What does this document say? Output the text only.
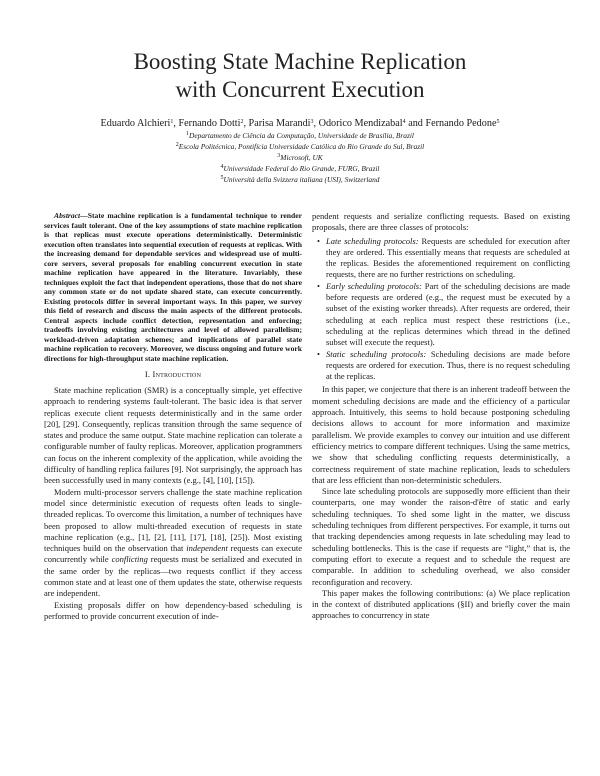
Boosting State Machine Replication
with Concurrent Execution
Eduardo Alchieri$^1$, Fernando Dotti$^2$, Parisa Marandi$^3$, Odorico Mendizabal$^4$ and Fernando Pedone$^5$
$^1$Departamento de Ciência da Computação, Universidade de Brasília, Brazil
$^2$Escola Politécnica, Pontifícia Universidade Católica do Rio Grande do Sul, Brazil
$^3$Microsoft, UK
$^4$Universidade Federal do Rio Grande, FURG, Brazil
$^5$Università della Svizzera italiana (USI), Switzerland

Abstract—State machine replication is a fundamental technique to render services fault tolerant. One of the key assumptions of state machine replication is that replicas must execute operations deterministically. Deterministic execution often translates into sequential execution of requests at replicas. With the increasing demand for dependable services and widespread use of multi-core servers, several proposals for enabling concurrent execution in state machine replication have appeared in the literature. Invariably, these techniques exploit the fact that independent operations, those that do not share any common state or do not update shared state, can execute concurrently. Existing protocols differ in several important ways. In this paper, we survey this field of research and discuss the main aspects of the different protocols. Central aspects include conflict detection, representation and enforcing; tradeoffs involving existing architectures and level of allowed parallelism; workload-driven adaptation schemes; and implications of parallel state machine replication to recovery. Moreover, we discuss ongoing and future work directions for high-throughput state machine replication.

I. Introduction

State machine replication (SMR) is a conceptually simple, yet effective approach to rendering systems fault-tolerant. The basic idea is that server replicas execute client requests deterministically and in the same order [20], [29]. Consequently, replicas transition through the same sequence of states and produce the same output. State machine replication can tolerate a configurable number of faulty replicas. Moreover, application programmers can focus on the inherent complexity of the application, while avoiding the difficulty of handling replica failures [9]. Not surprisingly, the approach has been successfully used in many contexts (e.g., [4], [10], [15]).

Modern multi-processor servers challenge the state machine replication model since deterministic execution of requests often leads to single-threaded replicas. To overcome this limitation, a number of techniques have been proposed to allow multi-threaded execution of requests in state machine replication (e.g., [1], [2], [11], [17], [18], [25]). Most existing techniques build on the observation that independent requests can execute concurrently while conflicting requests must be serialized and executed in the same order by the replicas—two requests conflict if they access common state and at least one of them updates the state, otherwise requests are independent.

Existing proposals differ on how dependency-based scheduling is performed to provide concurrent execution of inde-

pendent requests and serialize conflicting requests. Based on existing proposals, there are three classes of protocols:

• Late scheduling protocols: Requests are scheduled for execution after they are ordered. This essentially means that requests are scheduled at the replicas. Besides the aforementioned requirement on conflicting requests, there are no further restrictions on scheduling.
• Early scheduling protocols: Part of the scheduling decisions are made before requests are ordered (e.g., the request must be executed by a subset of the existing worker threads). After requests are ordered, their scheduling at each replica must respect these restrictions (i.e., scheduling at the replicas determines which thread in the defined subset will execute the request).
• Static scheduling protocols: Scheduling decisions are made before requests are ordered for execution. Thus, there is no request scheduling at the replicas.

In this paper, we conjecture that there is an inherent tradeoff between the moment scheduling decisions are made and the efficiency of a particular approach. Intuitively, this seems to hold because postponing scheduling decisions allows to account for more information and maximize parallelism. We provide examples to convey our intuition and use different efficiency metrics to compare different techniques. Using the same metrics, we show that scheduling conflicting requests deterministically, a correctness requirement of state machine replication, leads to schedulers that are less efficient than non-deterministic schedulers.

Since late scheduling protocols are supposedly more efficient than their counterparts, one may wonder the raison-d'être of static and early scheduling techniques. To shed some light in the matter, we discuss scheduling techniques from different perspectives. For example, it turns out that tracking dependencies among requests in late scheduling may lead to scheduling bottlenecks. This is the case if requests are “light,” that is, the computing effort to execute a request and to schedule the request are comparable. In addition to scheduling overhead, we also consider reconfiguration and recovery.

This paper makes the following contributions: (a) We place replication in the context of distributed applications (§II) and briefly cover the main approaches to concurrency in state
